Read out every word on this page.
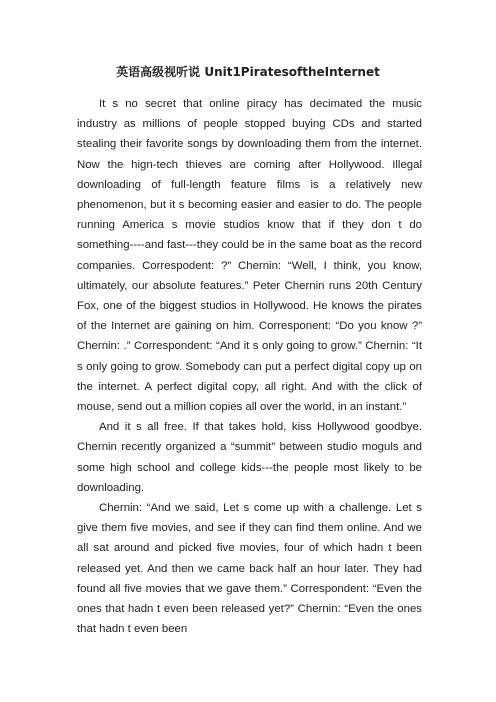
英语高级视听说 Unit1PiratesoftheInternet

It s no secret that online piracy has decimated the music industry as millions of people stopped buying CDs and started stealing their favorite songs by downloading them from the internet. Now the hign-tech thieves are coming after Hollywood. Illegal downloading of full-length feature films is a relatively new phenomenon, but it s becoming easier and easier to do. The people running America s movie studios know that if they don t do something----and fast---they could be in the same boat as the record companies. Correspodent: ?” Chernin: “Well, I think, you know, ultimately, our absolute features.” Peter Chernin runs 20th Century Fox, one of the biggest studios in Hollywood. He knows the pirates of the Internet are gaining on him. Corresponent: “Do you know ?” Chernin: .” Correspondent: “And it s only going to grow.” Chernin: “It s only going to grow. Somebody can put a perfect digital copy up on the internet. A perfect digital copy, all right. And with the click of mouse, send out a million copies all over the world, in an instant.”

And it s all free. If that takes hold, kiss Hollywood goodbye. Chernin recently organized a “summit” between studio moguls and some high school and college kids---the people most likely to be downloading.

Chernin: “And we said, Let s come up with a challenge. Let s give them five movies, and see if they can find them online. And we all sat around and picked five movies, four of which hadn t been released yet. And then we came back half an hour later. They had found all five movies that we gave them.” Correspondent: “Even the ones that hadn t even been released yet?” Chernin: “Even the ones that hadn t even been
